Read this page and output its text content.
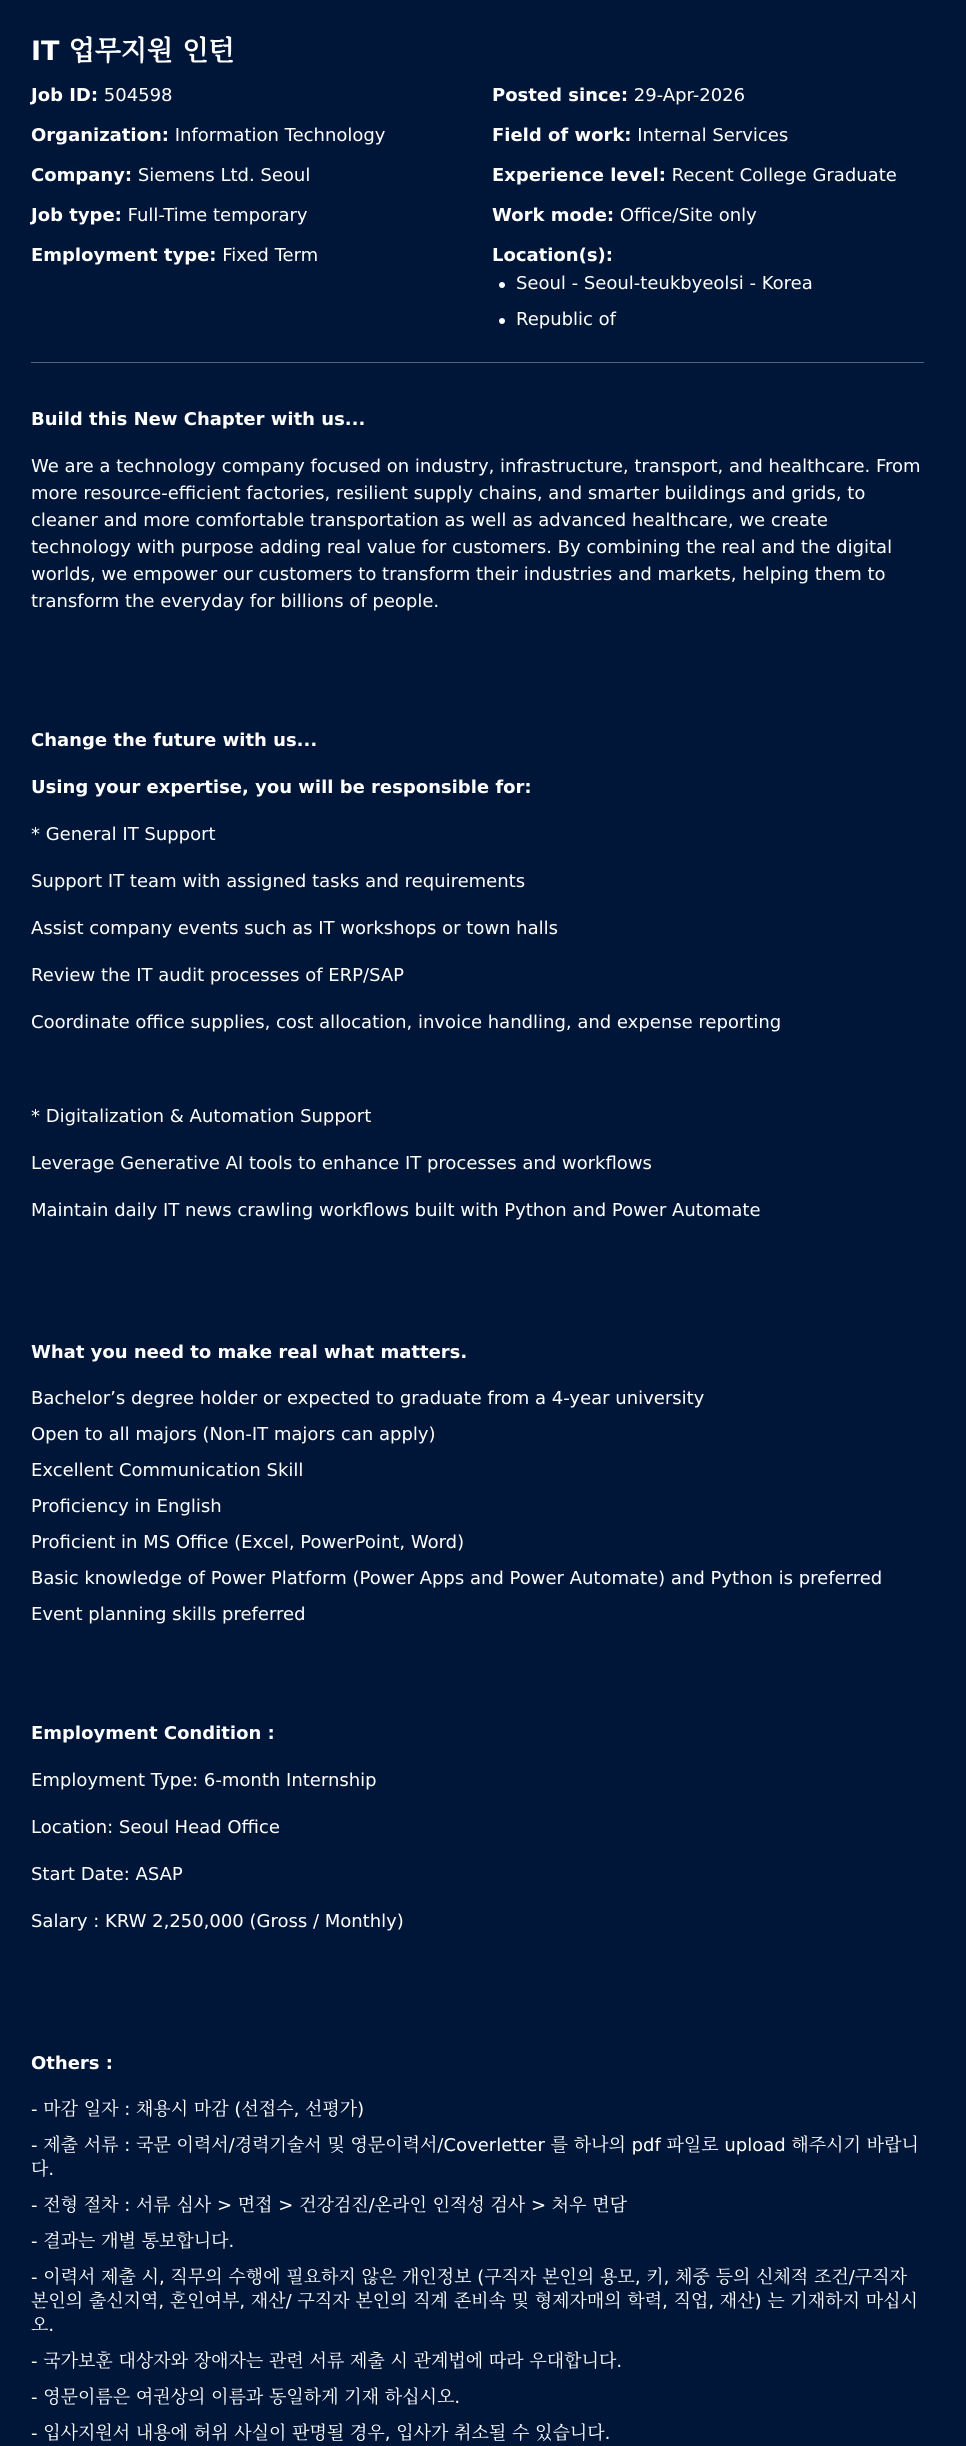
IT 업무지원 인턴
Job ID: 504598
Organization: Information Technology
Company: Siemens Ltd. Seoul
Job type: Full-Time temporary
Employment type: Fixed Term
Posted since: 29-Apr-2026
Field of work: Internal Services
Experience level: Recent College Graduate
Work mode: Office/Site only
Location(s):
Seoul - Seoul-teukbyeolsi - Korea
Republic of
Build this New Chapter with us...

We are a technology company focused on industry, infrastructure, transport, and healthcare. From more resource-efficient factories, resilient supply chains, and smarter buildings and grids, to cleaner and more comfortable transportation as well as advanced healthcare, we create technology with purpose adding real value for customers. By combining the real and the digital worlds, we empower our customers to transform their industries and markets, helping them to transform the everyday for billions of people.

Change the future with us...
Using your expertise, you will be responsible for:

* General IT Support

Support IT team with assigned tasks and requirements

Assist company events such as IT workshops or town halls

Review the IT audit processes of ERP/SAP

Coordinate office supplies, cost allocation, invoice handling, and expense reporting

* Digitalization & Automation Support

Leverage Generative AI tools to enhance IT processes and workflows

Maintain daily IT news crawling workflows built with Python and Power Automate

What you need to make real what matters.

Bachelor’s degree holder or expected to graduate from a 4-year university

Open to all majors (Non-IT majors can apply)

Excellent Communication Skill

Proficiency in English

Proficient in MS Office (Excel, PowerPoint, Word)

Basic knowledge of Power Platform (Power Apps and Power Automate) and Python is preferred

Event planning skills preferred

Employment Condition :

Employment Type: 6-month Internship

Location: Seoul Head Office

Start Date: ASAP

Salary : KRW 2,250,000 (Gross / Monthly)

Others :

- 마감 일자 : 채용시 마감 (선접수, 선평가)

- 제출 서류 : 국문 이력서/경력기술서 및 영문이력서/Coverletter 를 하나의 pdf 파일로 upload 해주시기 바랍니다.

- 전형 절차 : 서류 심사 > 면접 > 건강검진/온라인 인적성 검사 > 처우 면담

- 결과는 개별 통보합니다.

- 이력서 제출 시, 직무의 수행에 필요하지 않은 개인정보 (구직자 본인의 용모, 키, 체중 등의 신체적 조건/구직자 본인의 출신지역, 혼인여부, 재산/ 구직자 본인의 직계 존비속 및 형제자매의 학력, 직업, 재산) 는 기재하지 마십시오.

- 국가보훈 대상자와 장애자는 관련 서류 제출 시 관계법에 따라 우대합니다.

- 영문이름은 여권상의 이름과 동일하게 기재 하십시오.

- 입사지원서 내용에 허위 사실이 판명될 경우, 입사가 취소될 수 있습니다.
